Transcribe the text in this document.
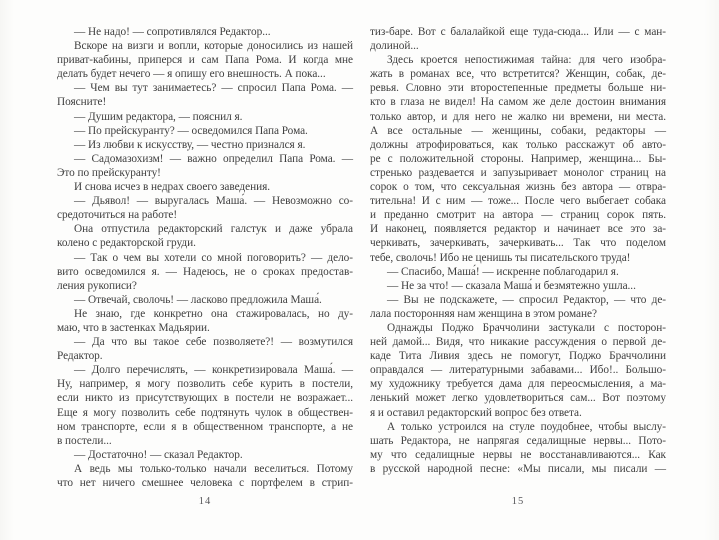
— Не надо! — сопротивлялся Редактор...
Вскоре на визги и вопли, которые доносились из нашей
приват-кабины, приперся и сам Папа Рома. И когда мне
делать будет нечего — я опишу его внешность. А пока...
— Чем вы тут занимаетесь? — спросил Папа Рома. —
Поясните!
— Душим редактора, — пояснил я.
— По прейскуранту? — осведомился Папа Рома.
— Из любви к искусству, — честно признался я.
— Садомазохизм! — важно определил Папа Рома. —
Это по прейскуранту!
И снова исчез в недрах своего заведения.
— Дьявол! — выругалась Маша́. — Невозможно со-
средоточиться на работе!
Она отпустила редакторский галстук и даже убрала
колено с редакторской груди.
— Так о чем вы хотели со мной поговорить? — дело-
вито осведомился я. — Надеюсь, не о сроках предостав-
ления рукописи?
— Отвечай, сволочь! — ласково предложила Маша́.
Не знаю, где конкретно она стажировалась, но ду-
маю, что в застенках Мадьярии.
— Да что вы такое себе позволяете?! — возмутился
Редактор.
— Долго перечислять, — конкретизировала Маша́. —
Ну, например, я могу позволить себе курить в постели,
если никто из присутствующих в постели не возражает...
Еще я могу позволить себе подтянуть чулок в обществен-
ном транспорте, если я в общественном транспорте, а не
в постели...
— Достаточно! — сказал Редактор.
А ведь мы только-только начали веселиться. Потому
что нет ничего смешнее человека с портфелем в стрип-
тиз-баре. Вот с балалайкой еще туда-сюда... Или — с ман-
долиной...
Здесь кроется непостижимая тайна: для чего изобра-
жать в романах все, что встретится? Женщин, собак, де-
ревья. Словно эти второстепенные предметы больше ни-
кто в глаза не видел! На самом же деле достоин внимания
только автор, и для него не жалко ни времени, ни места.
А все остальные — женщины, собаки, редакторы —
должны атрофироваться, как только расскажут об авто-
ре с положительной стороны. Например, женщина... Бы-
стренько раздевается и запузыривает монолог страниц на
сорок о том, что сексуальная жизнь без автора — отвра-
тительна! И с ним — тоже... После чего выбегает собака
и преданно смотрит на автора — страниц сорок пять.
И наконец, появляется редактор и начинает все это за-
черкивать, зачеркивать, зачеркивать... Так что поделом
тебе, сволочь! Ибо не ценишь ты писательского труда!
— Спасибо, Маша́! — искренне поблагодарил я.
— Не за что! — сказала Маша́ и безмятежно ушла...
— Вы не подскажете, — спросил Редактор, — что де-
лала посторонняя нам женщина в этом романе?
Однажды Поджо Браччолини застукали с посторон-
ней дамой... Видя, что никакие рассуждения о первой де-
каде Тита Ливия здесь не помогут, Поджо Браччолини
оправдался — литературными забавами... Ибо!.. Большо-
му художнику требуется дама для переосмысления, а ма-
ленький может легко удовлетвориться сам... Вот поэтому
я и оставил редакторский вопрос без ответа.
А только устроился на стуле поудобнее, чтобы выслу-
шать Редактора, не напрягая седалищные нервы... Пото-
му что седалищные нервы не восстанавливаются... Как
в русской народной песне: «Мы писали, мы писали —
14	15
